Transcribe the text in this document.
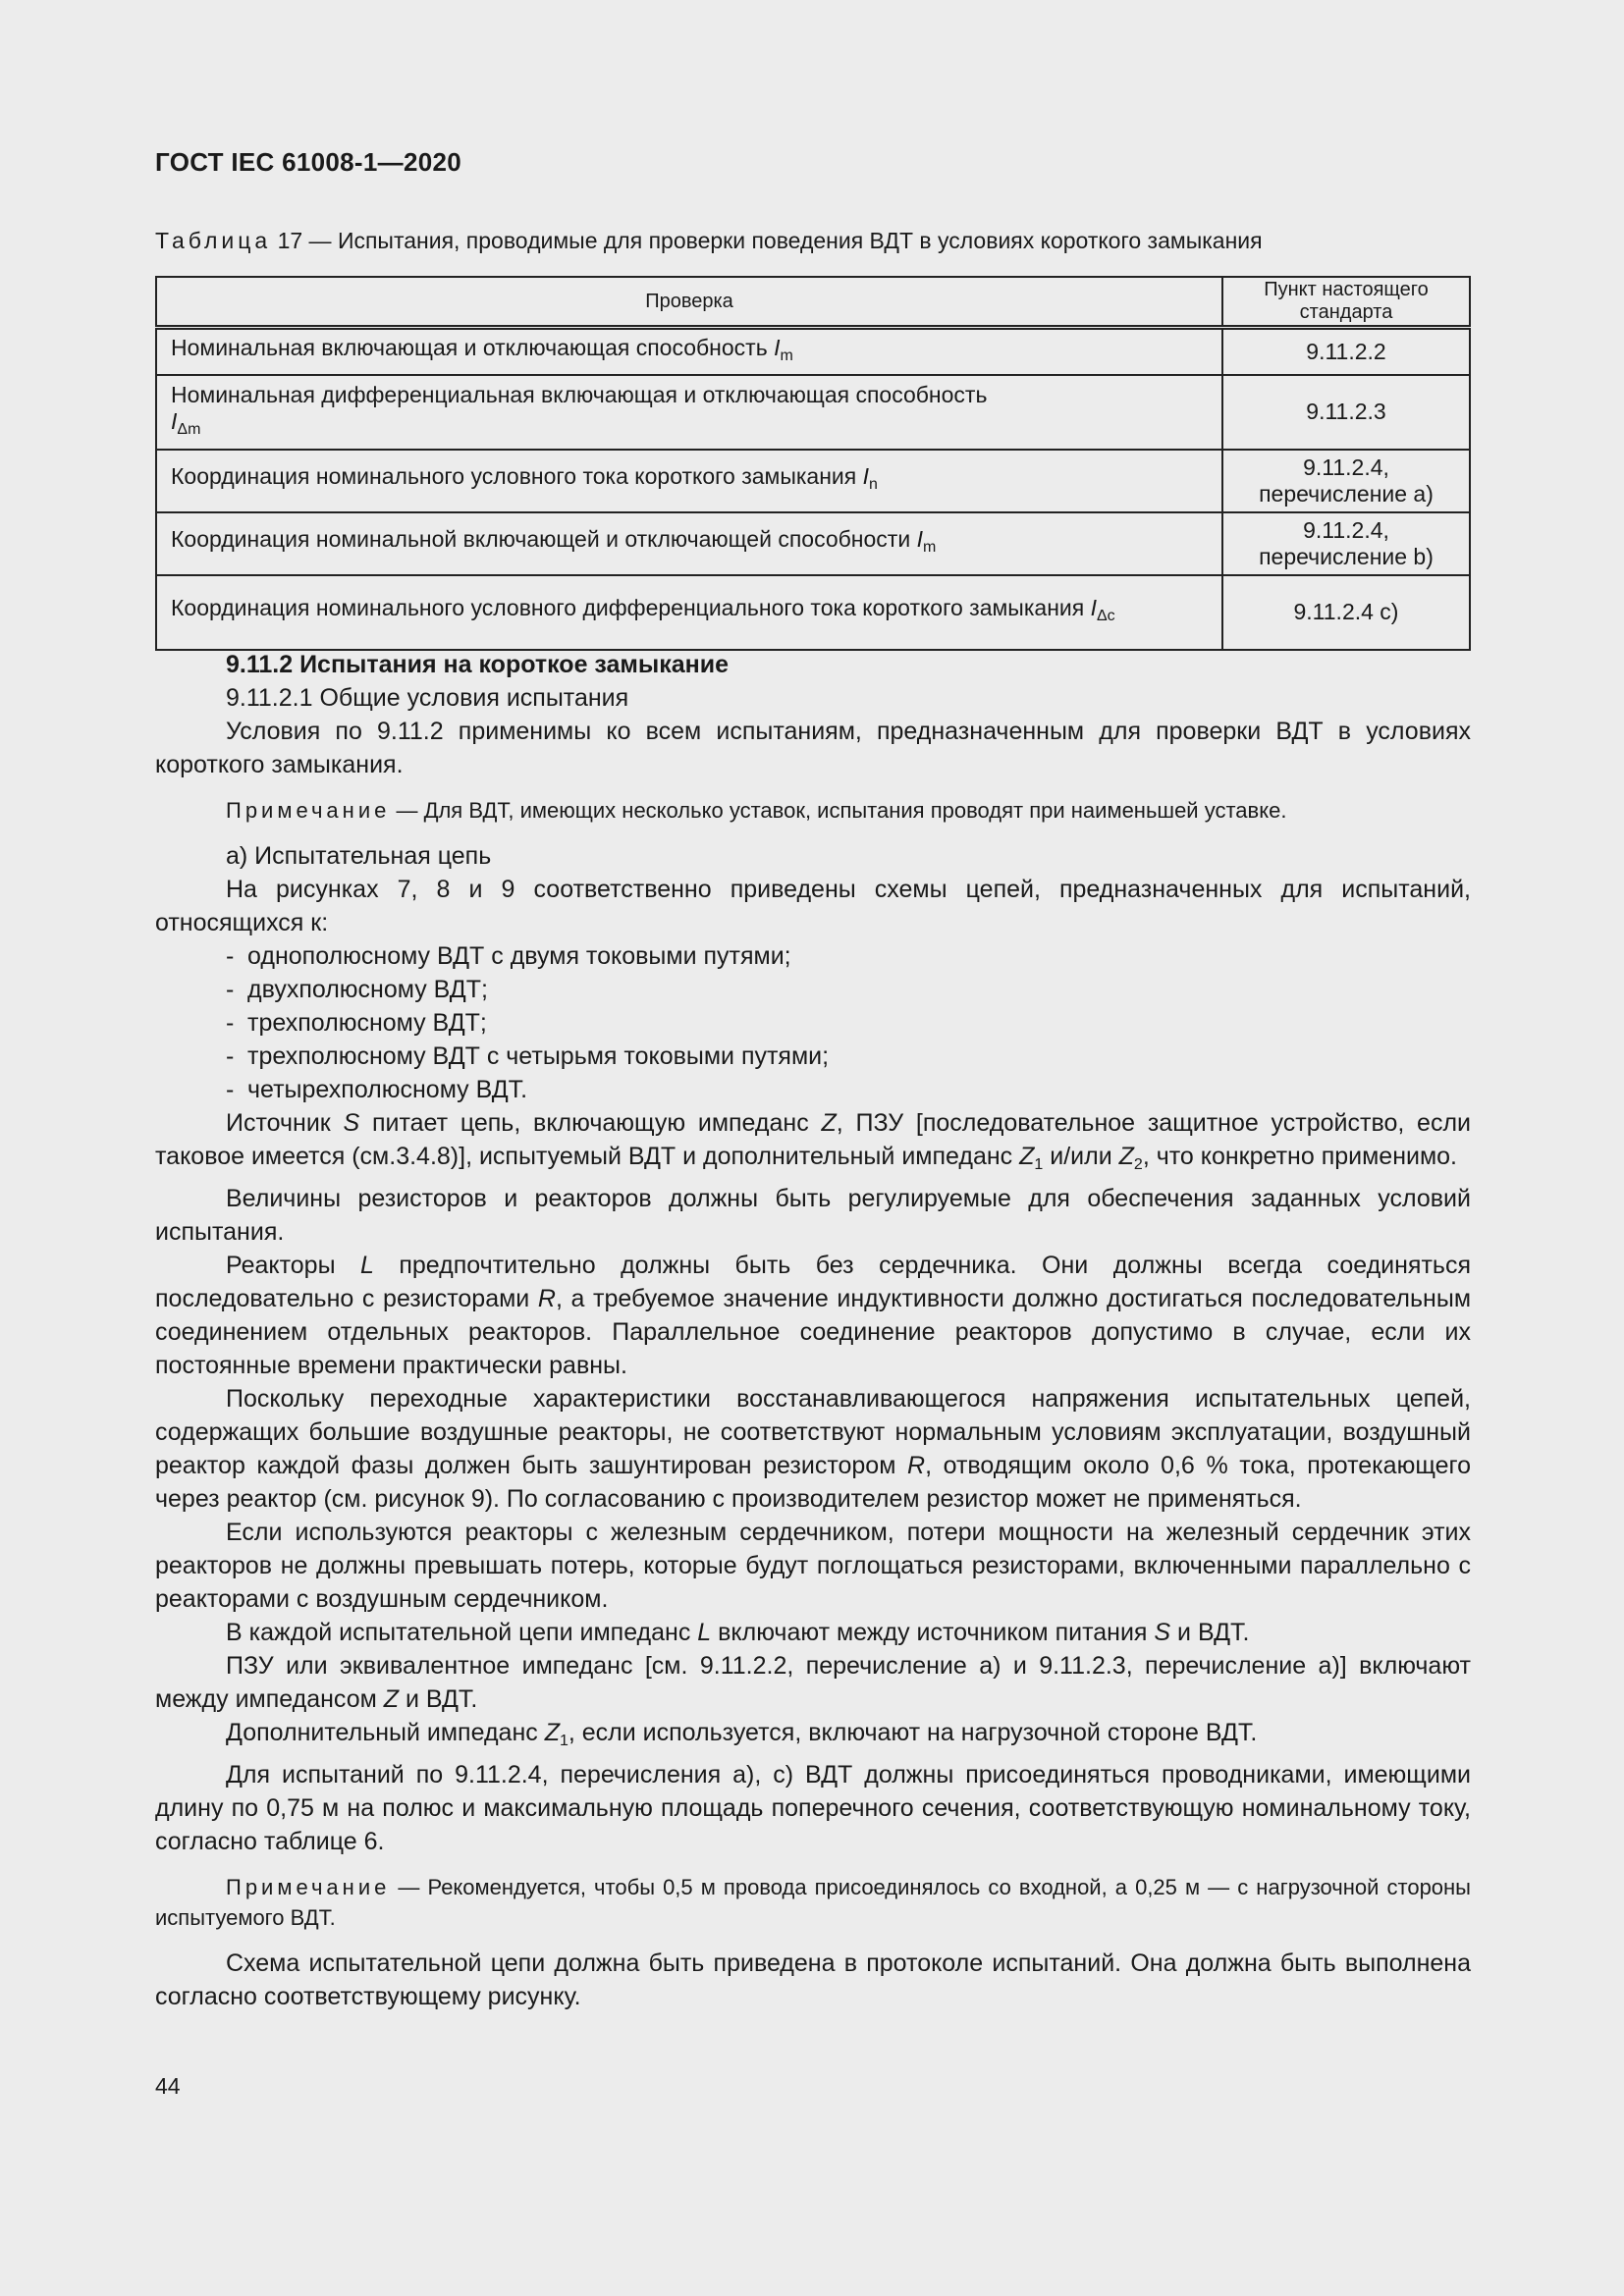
ГОСТ IEC 61008-1—2020
Таблица 17 — Испытания, проводимые для проверки поведения ВДТ в условиях короткого замыкания
Проверка	Пункт настоящего стандарта
Номинальная включающая и отключающая способность $I_m$	9.11.2.2
Номинальная дифференциальная включающая и отключающая способность
$I_{\Delta m}$	9.11.2.3
Координация номинального условного тока короткого замыкания $I_n$	9.11.2.4, перечисление a)
Координация номинальной включающей и отключающей способности $I_m$	9.11.2.4, перечисление b)
Координация номинального условного дифференциального тока короткого замыкания $I_{\Delta c}$	9.11.2.4 c)

9.11.2 Испытания на короткое замыкание

9.11.2.1 Общие условия испытания

Условия по 9.11.2 применимы ко всем испытаниям, предназначенным для проверки ВДТ в условиях короткого замыкания.

Примечание — Для ВДТ, имеющих несколько уставок, испытания проводят при наименьшей уставке.

a) Испытательная цепь

На рисунках 7, 8 и 9 соответственно приведены схемы цепей, предназначенных для испытаний, относящихся к:

- однополюсному ВДТ с двумя токовыми путями;

- двухполюсному ВДТ;

- трехполюсному ВДТ;

- трехполюсному ВДТ с четырьмя токовыми путями;

- четырехполюсному ВДТ.

Источник S питает цепь, включающую импеданс Z, ПЗУ [последовательное защитное устройство, если таковое имеется (см.3.4.8)], испытуемый ВДТ и дополнительный импеданс $Z_1$ и/или $Z_2$, что конкретно применимо.

Величины резисторов и реакторов должны быть регулируемые для обеспечения заданных условий испытания.

Реакторы L предпочтительно должны быть без сердечника. Они должны всегда соединяться последовательно с резисторами R, а требуемое значение индуктивности должно достигаться последовательным соединением отдельных реакторов. Параллельное соединение реакторов допустимо в случае, если их постоянные времени практически равны.

Поскольку переходные характеристики восстанавливающегося напряжения испытательных цепей, содержащих большие воздушные реакторы, не соответствуют нормальным условиям эксплуатации, воздушный реактор каждой фазы должен быть зашунтирован резистором R, отводящим около 0,6 % тока, протекающего через реактор (см. рисунок 9). По согласованию с производителем резистор может не применяться.

Если используются реакторы с железным сердечником, потери мощности на железный сердечник этих реакторов не должны превышать потерь, которые будут поглощаться резисторами, включенными параллельно с реакторами с воздушным сердечником.

В каждой испытательной цепи импеданс L включают между источником питания S и ВДТ.

ПЗУ или эквивалентное импеданс [см. 9.11.2.2, перечисление a) и 9.11.2.3, перечисление a)] включают между импедансом Z и ВДТ.

Дополнительный импеданс $Z_1$, если используется, включают на нагрузочной стороне ВДТ.

Для испытаний по 9.11.2.4, перечисления a), c) ВДТ должны присоединяться проводниками, имеющими длину по 0,75 м на полюс и максимальную площадь поперечного сечения, соответствующую номинальному току, согласно таблице 6.

Примечание — Рекомендуется, чтобы 0,5 м провода присоединялось со входной, а 0,25 м — с нагрузочной стороны испытуемого ВДТ.

Схема испытательной цепи должна быть приведена в протоколе испытаний. Она должна быть выполнена согласно соответствующему рисунку.

44
